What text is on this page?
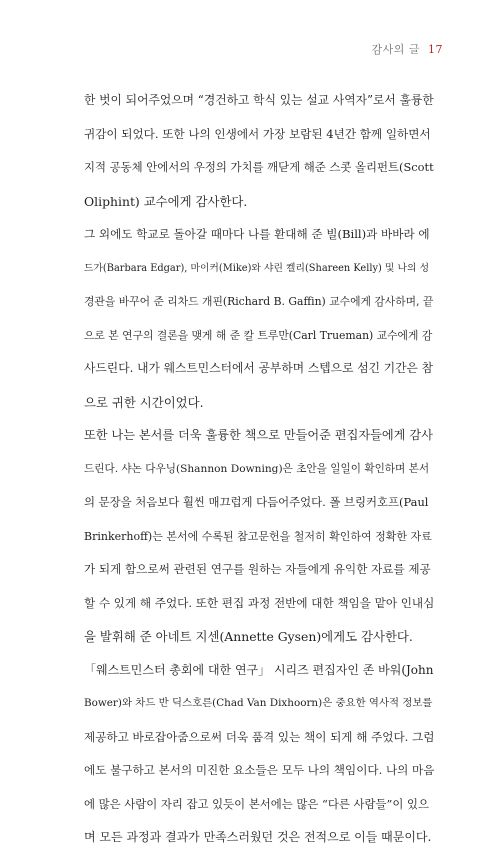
감사의 글 17
한 벗이 되어주었으며 “경건하고 학식 있는 설교 사역자”로서 훌륭한
귀감이 되었다. 또한 나의 인생에서 가장 보람된 4년간 함께 일하면서
지적 공동체 안에서의 우정의 가치를 깨닫게 해준 스콧 올리펀트(Scott
Oliphint) 교수에게 감사한다.
그 외에도 학교로 돌아갈 때마다 나를 환대해 준 빌(Bill)과 바바라 에
드가(Barbara Edgar), 마이커(Mike)와 샤린 켈리(Shareen Kelly) 및 나의 성
경관을 바꾸어 준 리차드 개핀(Richard B. Gaffin) 교수에게 감사하며, 끝
으로 본 연구의 결론을 맺게 해 준 칼 트루만(Carl Trueman) 교수에게 감
사드린다. 내가 웨스트민스터에서 공부하며 스텝으로 섬긴 기간은 참
으로 귀한 시간이었다.
또한 나는 본서를 더욱 훌륭한 책으로 만들어준 편집자들에게 감사
드린다. 샤논 다우닝(Shannon Downing)은 초안을 일일이 확인하며 본서
의 문장을 처음보다 훨씬 매끄럽게 다듬어주었다. 폴 브링커호프(Paul
Brinkerhoff)는 본서에 수록된 참고문헌을 철저히 확인하여 정확한 자료
가 되게 함으로써 관련된 연구를 원하는 자들에게 유익한 자료를 제공
할 수 있게 해 주었다. 또한 편집 과정 전반에 대한 책임을 맡아 인내심
을 발휘해 준 아네트 지센(Annette Gysen)에게도 감사한다.
「웨스트민스터 총회에 대한 연구」 시리즈 편집자인 존 바워(John
Bower)와 차드 반 딕스호른(Chad Van Dixhoorn)은 중요한 역사적 정보를
제공하고 바로잡아줌으로써 더욱 품격 있는 책이 되게 해 주었다. 그럼
에도 불구하고 본서의 미진한 요소들은 모두 나의 책임이다. 나의 마음
에 많은 사람이 자리 잡고 있듯이 본서에는 많은 “다른 사람들”이 있으
며 모든 과정과 결과가 만족스러웠던 것은 전적으로 이들 때문이다.
